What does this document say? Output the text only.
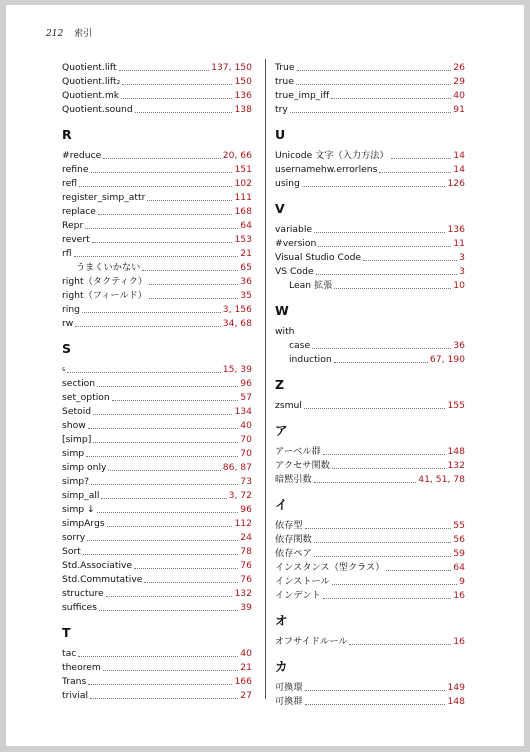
212 索引
Quotient.lift	137, 150
Quotient.lift₂	150
Quotient.mk	136
Quotient.sound	138
R
#reduce	20, 66
refine	151
refl	102
register_simp_attr	111
replace	168
Repr	64
revert	153
rfl	21
うまくいかない	65
right（タクティク）	36
right（フィールド）	35
ring	3, 156
rw	34, 68
S
s	15, 39
section	96
set_option	57
Setoid	134
show	40
[simp]	70
simp	70
simp only	86, 87
simp?	73
simp_all	3, 72
simp ↓	96
simpArgs	112
sorry	24
Sort	78
Std.Associative	76
Std.Commutative	76
structure	132
suffices	39
T
tac	40
theorem	21
Trans	166
trivial	27
True	26
true	29
true_imp_iff	40
try	91
U
Unicode 文字（入力方法）	14
usernamehw.errorlens	14
using	126
V
variable	136
#version	11
Visual Studio Code	3
VS Code	3
Lean 拡張	10
W
with
case	36
induction	67, 190
Z
zsmul	155
ア
アーベル群	148
アクセサ関数	132
暗黙引数	41, 51, 78
イ
依存型	55
依存関数	56
依存ペア	59
インスタンス（型クラス）	64
インストール	9
インデント	16
オ
オフサイドルール	16
カ
可換環	149
可換群	148
